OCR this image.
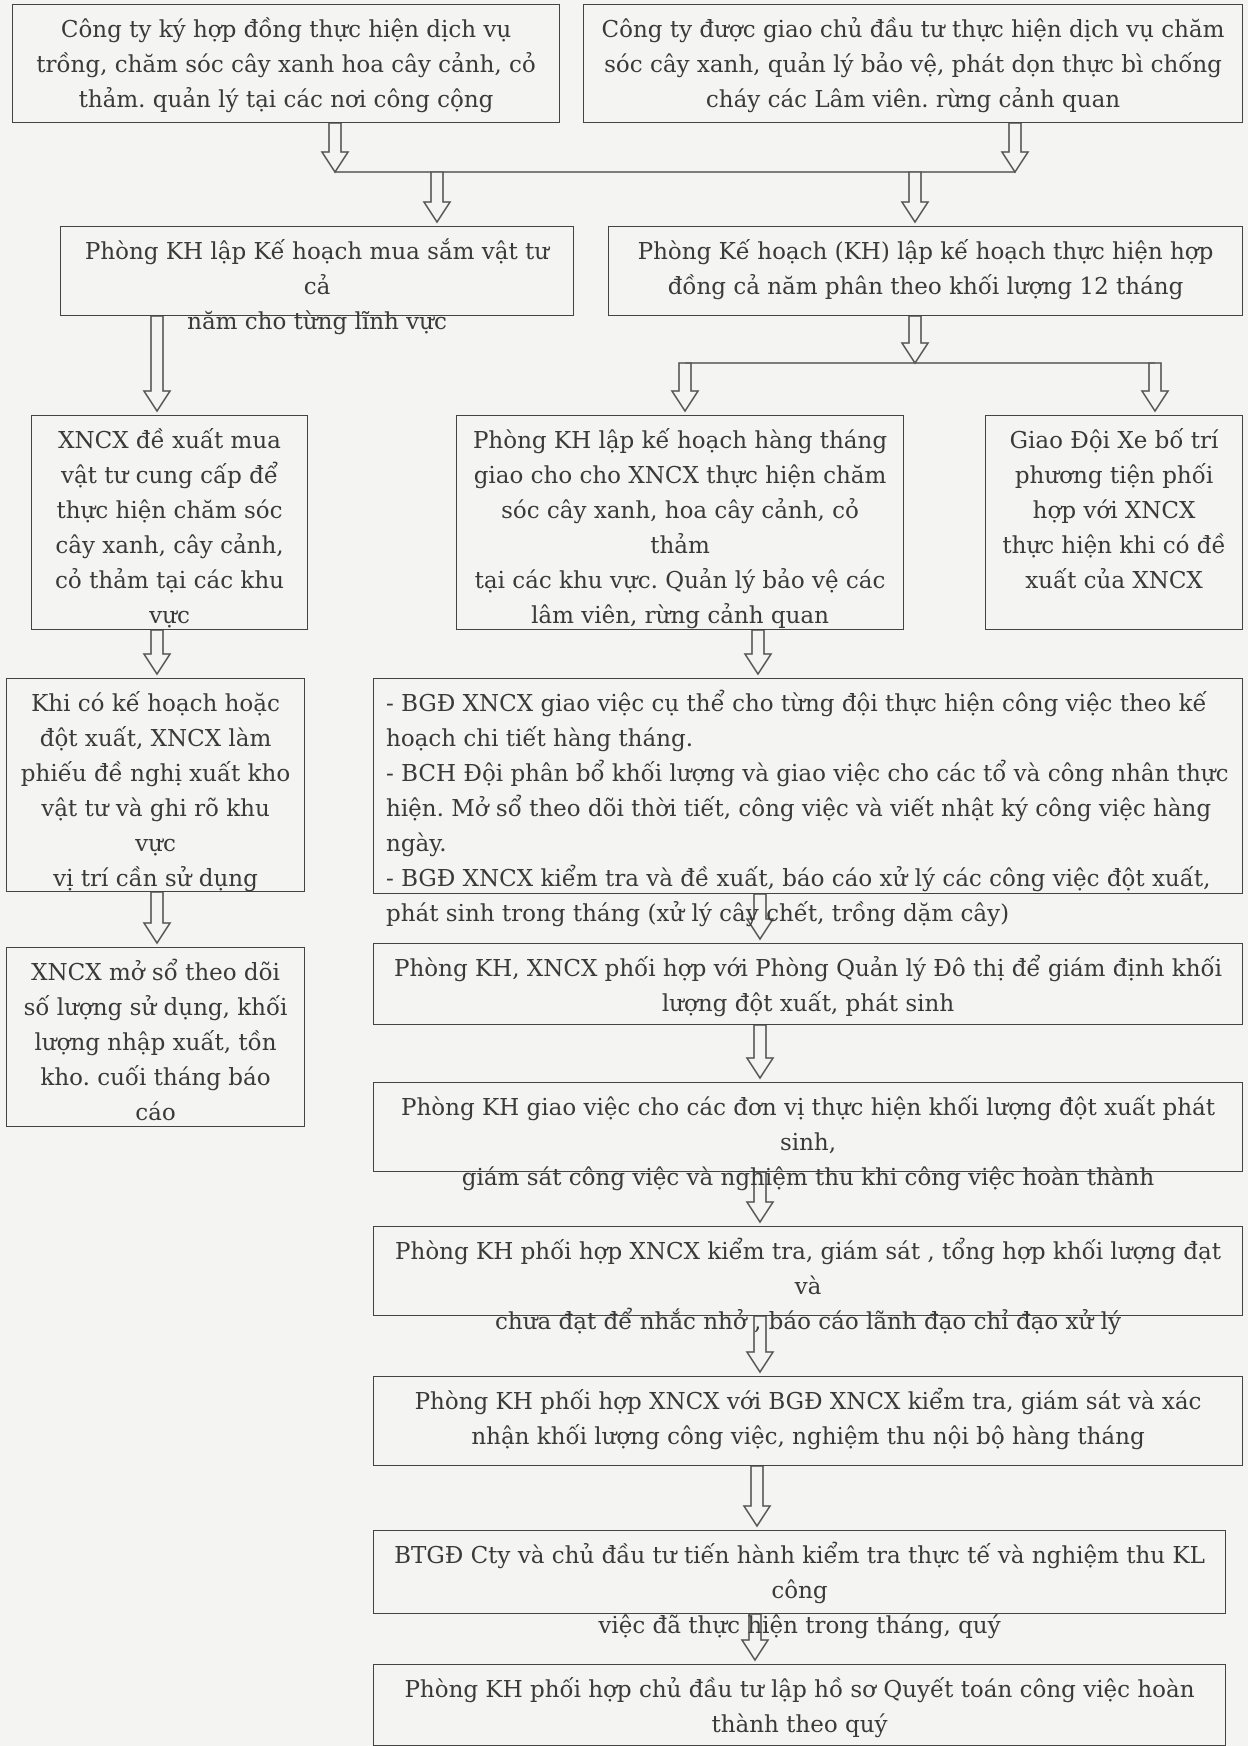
Công ty ký hợp đồng thực hiện dịch vụ
trồng, chăm sóc cây xanh hoa cây cảnh, cỏ
thảm. quản lý tại các nơi công cộng
Công ty được giao chủ đầu tư thực hiện dịch vụ chăm
sóc cây xanh, quản lý bảo vệ, phát dọn thực bì chống
cháy các Lâm viên. rừng cảnh quan
Phòng KH lập Kế hoạch mua sắm vật tư cả
năm cho từng lĩnh vực
Phòng Kế hoạch (KH) lập kế hoạch thực hiện hợp
đồng cả năm phân theo khối lượng 12 tháng
XNCX đề xuất mua
vật tư cung cấp để
thực hiện chăm sóc
cây xanh, cây cảnh,
cỏ thảm tại các khu
vực
Phòng KH lập kế hoạch hàng tháng
giao cho cho XNCX thực hiện chăm
sóc cây xanh, hoa cây cảnh, cỏ thảm
tại các khu vực. Quản lý bảo vệ các
lâm viên, rừng cảnh quan
Giao Đội Xe bố trí
phương tiện phối
hợp với XNCX
thực hiện khi có đề
xuất của XNCX
Khi có kế hoạch hoặc
đột xuất, XNCX làm
phiếu đề nghị xuất kho
vật tư và ghi rõ khu vực
vị trí cần sử dụng
- BGĐ XNCX giao việc cụ thể cho từng đội thực hiện công việc theo kế
hoạch chi tiết hàng tháng.
- BCH Đội phân bổ khối lượng và giao việc cho các tổ và công nhân thực
hiện. Mở sổ theo dõi thời tiết, công việc và viết nhật ký công việc hàng ngày.
- BGĐ XNCX kiểm tra và đề xuất, báo cáo xử lý các công việc đột xuất,
phát sinh trong tháng (xử lý cây chết, trồng dặm cây)
XNCX mở sổ theo dõi
số lượng sử dụng, khối
lượng nhập xuất, tồn
kho. cuối tháng báo cáo
Phòng KH, XNCX phối hợp với Phòng Quản lý Đô thị để giám định khối
lượng đột xuất, phát sinh
Phòng KH giao việc cho các đơn vị thực hiện khối lượng đột xuất phát sinh,
giám sát công việc và nghiệm thu khi công việc hoàn thành
Phòng KH phối hợp XNCX kiểm tra, giám sát , tổng hợp khối lượng đạt và
chưa đạt để nhắc nhở , báo cáo lãnh đạo chỉ đạo xử lý
Phòng KH phối hợp XNCX với BGĐ XNCX kiểm tra, giám sát và xác
nhận khối lượng công việc, nghiệm thu nội bộ hàng tháng
BTGĐ Cty và chủ đầu tư tiến hành kiểm tra thực tế và nghiệm thu KL công
việc đã thực hiện trong tháng, quý
Phòng KH phối hợp chủ đầu tư lập hồ sơ Quyết toán công việc hoàn
thành theo quý
